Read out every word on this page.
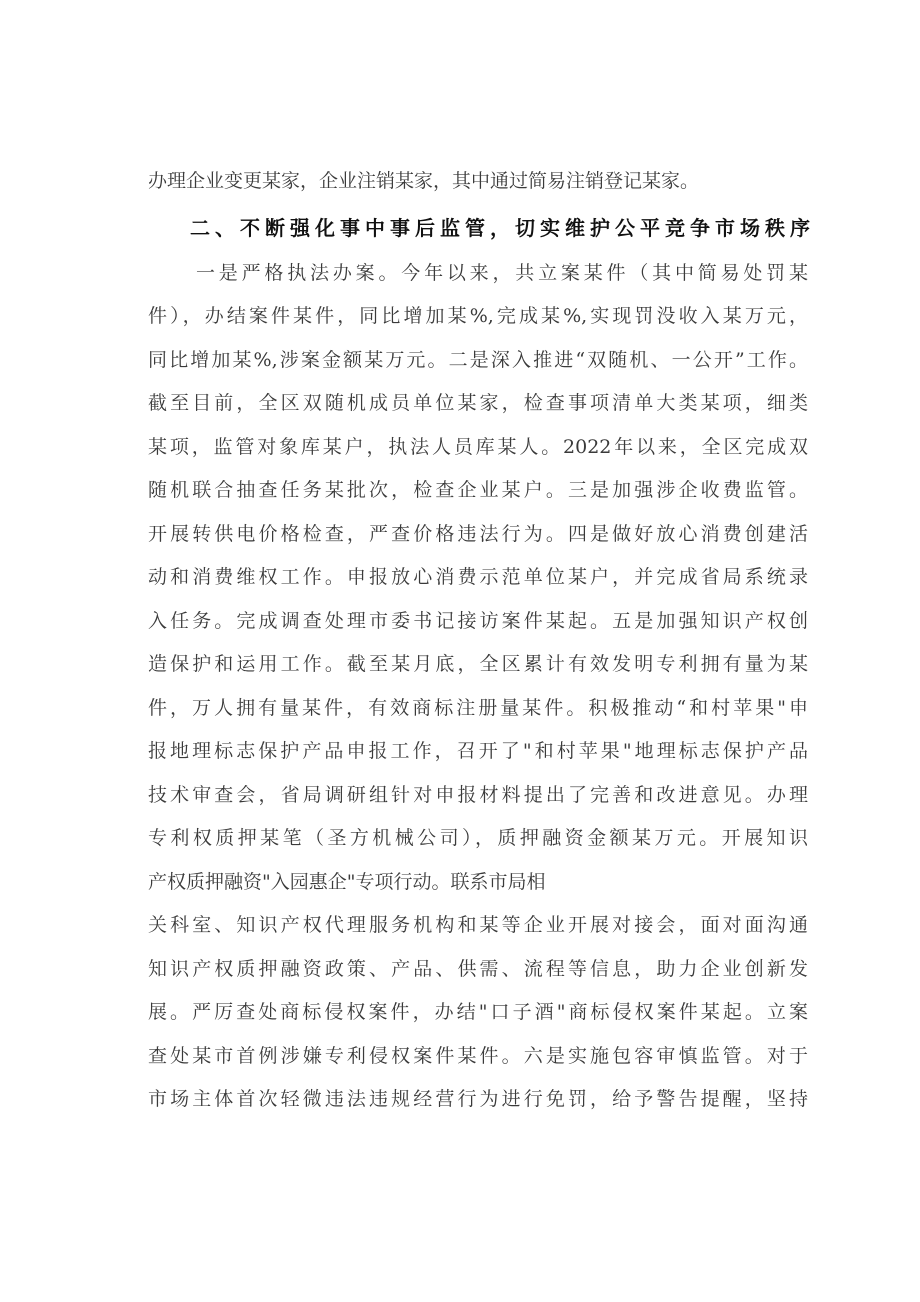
办理企业变更某家，企业注销某家，其中通过简易注销登记某家。
二、不断强化事中事后监管，切实维护公平竞争市场秩序
一是严格执法办案。今年以来，共立案某件（其中简易处罚某
件），办结案件某件，同比增加某%,完成某%,实现罚没收入某万元，
同比增加某%,涉案金额某万元。二是深入推进“双随机、一公开”工作。
截至目前，全区双随机成员单位某家，检查事项清单大类某项，细类
某项，监管对象库某户，执法人员库某人。2022年以来，全区完成双
随机联合抽查任务某批次，检查企业某户。三是加强涉企收费监管。
开展转供电价格检查，严查价格违法行为。四是做好放心消费创建活
动和消费维权工作。申报放心消费示范单位某户，并完成省局系统录
入任务。完成调查处理市委书记接访案件某起。五是加强知识产权创
造保护和运用工作。截至某月底，全区累计有效发明专利拥有量为某
件，万人拥有量某件，有效商标注册量某件。积极推动“和村苹果"申
报地理标志保护产品申报工作，召开了"和村苹果"地理标志保护产品
技术审查会，省局调研组针对申报材料提出了完善和改进意见。办理
专利权质押某笔（圣方机械公司），质押融资金额某万元。开展知识
产权质押融资"入园惠企"专项行动。联系市局相
关科室、知识产权代理服务机构和某等企业开展对接会，面对面沟通
知识产权质押融资政策、产品、供需、流程等信息，助力企业创新发
展。严厉查处商标侵权案件，办结"口子酒"商标侵权案件某起。立案
查处某市首例涉嫌专利侵权案件某件。六是实施包容审慎监管。对于
市场主体首次轻微违法违规经营行为进行免罚，给予警告提醒，坚持
